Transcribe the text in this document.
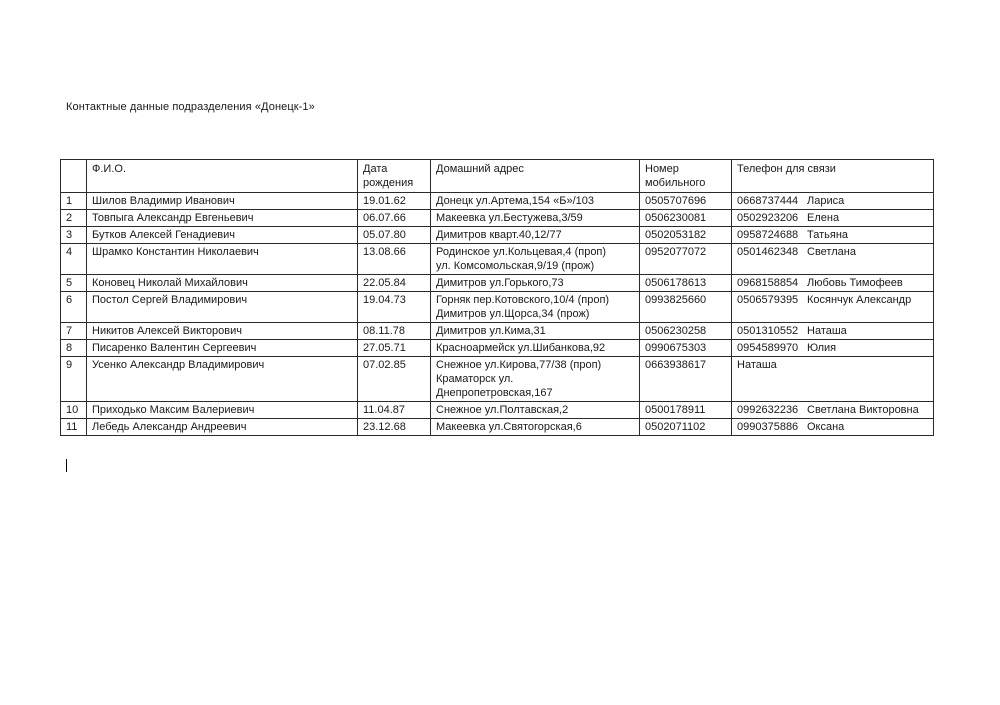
Контактные данные подразделения «Донецк-1»
	Ф.И.О.	Дата рождения	Домашний адрес	Номер мобильного	Телефон для связи
1	Шилов Владимир Иванович	19.01.62	Донецк ул.Артема,154 «Б»/103	0505707696	0668737444 Лариса
2	Товпыга Александр Евгеньевич	06.07.66	Макеевка ул.Бестужева,3/59	0506230081	0502923206 Елена
3	Бутков Алексей Генадиевич	05.07.80	Димитров кварт.40,12/77	0502053182	0958724688 Татьяна
4	Шрамко Константин Николаевич	13.08.66	Родинское ул.Кольцевая,4 (проп)
ул. Комсомольская,9/19 (прож)	0952077072	0501462348 Светлана
5	Коновец Николай Михайлович	22.05.84	Димитров ул.Горького,73	0506178613	0968158854 Любовь Тимофеев
6	Постол Сергей Владимирович	19.04.73	Горняк пер.Котовского,10/4 (проп)
Димитров ул.Щорса,34 (прож)	0993825660	0506579395 Косянчук Александр
7	Никитов Алексей Викторович	08.11.78	Димитров ул.Кима,31	0506230258	0501310552 Наташа
8	Писаренко Валентин Сергеевич	27.05.71	Красноармейск ул.Шибанкова,92	0990675303	0954589970 Юлия
9	Усенко Александр Владимирович	07.02.85	Снежное ул.Кирова,77/38 (проп)
Краматорск ул.
Днепропетровская,167	0663938617	Наташа
10	Приходько Максим Валериевич	11.04.87	Снежное ул.Полтавская,2	0500178911	0992632236 Светлана Викторовна
11	Лебедь Александр Андреевич	23.12.68	Макеевка ул.Святогорская,6	0502071102	0990375886 Оксана
